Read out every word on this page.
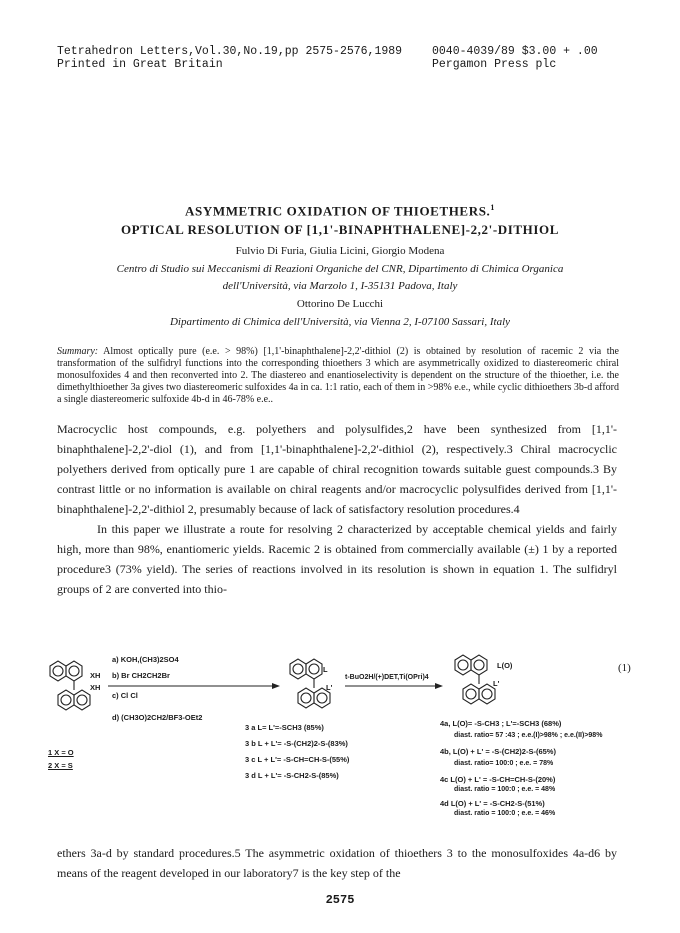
Tetrahedron Letters,Vol.30,No.19,pp 2575-2576,1989
Printed in Great Britain
0040-4039/89 $3.00 + .00
Pergamon Press plc
ASYMMETRIC OXIDATION OF THIOETHERS.$^1$
OPTICAL RESOLUTION OF [1,1'-BINAPHTHALENE]-2,2'-DITHIOL
Fulvio Di Furia, Giulia Licini, Giorgio Modena
Centro di Studio sui Meccanismi di Reazioni Organiche del CNR, Dipartimento di Chimica Organica
dell'Università, via Marzolo 1, I-35131 Padova, Italy
Ottorino De Lucchi
Dipartimento di Chimica dell'Università, via Vienna 2, I-07100 Sassari, Italy
Summary: Almost optically pure (e.e. > 98%) [1,1'-binaphthalene]-2,2'-dithiol (2) is obtained by resolution of racemic 2 via the transformation of the sulfidryl functions into the corresponding thioethers 3 which are asymmetrically oxidized to diastereomeric chiral monosulfoxides 4 and then reconverted into 2. The diastereo and enantioselectivity is dependent on the structure of the thioether, i.e. the dimethylthioether 3a gives two diastereomeric sulfoxides 4a in ca. 1:1 ratio, each of them in >98% e.e., while cyclic dithioethers 3b-d afford a single diastereomeric sulfoxide 4b-d in 46-78% e.e..

Macrocyclic host compounds, e.g. polyethers and polysulfides,2 have been synthesized from [1,1'-binaphthalene]-2,2'-diol (1), and from [1,1'-binaphthalene]-2,2'-dithiol (2), respectively.3 Chiral macrocyclic polyethers derived from optically pure 1 are capable of chiral recognition towards suitable guest compounds.3 By contrast little or no information is available on chiral reagents and/or macrocyclic polysulfides derived from [1,1'-binaphthalene]-2,2'-dithiol 2, presumably because of lack of satisfactory resolution procedures.4

In this paper we illustrate a route for resolving 2 characterized by acceptable chemical yields and fairly high, more than 98%, enantiomeric yields. Racemic 2 is obtained from commercially available (±) 1 by a reported procedure3 (73% yield). The series of reactions involved in its resolution is shown in equation 1. The sulfidryl groups of 2 are converted into thio-

XH
XH
1 X = O
2 X = S
a) KOH,(CH3)2SO4
b) Br CH2CH2Br
c) Cl Cl
d) (CH3O)2CH2/BF3-OEt2
L
L'
t-BuO2H/(+)DET,Ti(OPri)4
3 a L= L'=-SCH3 (85%)
3 b L + L'= -S-(CH2)2-S-(83%)
3 c L + L'= -S-CH=CH-S-(55%)
3 d L + L'= -S-CH2-S-(85%)
L(O)
L'
(1)
4a, L(O)= -S-CH3 ; L'=-SCH3 (68%)
diast. ratio= 57 :43 ; e.e.(I)>98% ; e.e.(II)>98%
4b, L(O) + L' = -S-(CH2)2-S-(65%)
diast. ratio= 100:0 ; e.e. = 78%
4c L(O) + L' = -S-CH=CH-S-(20%)
diast. ratio = 100:0 ; e.e. = 48%
4d L(O) + L' = -S-CH2-S-(51%)
diast. ratio = 100:0 ; e.e. = 46%

ethers 3a-d by standard procedures.5 The asymmetric oxidation of thioethers 3 to the monosulfoxides 4a-d6 by means of the reagent developed in our laboratory7 is the key step of the

2575
